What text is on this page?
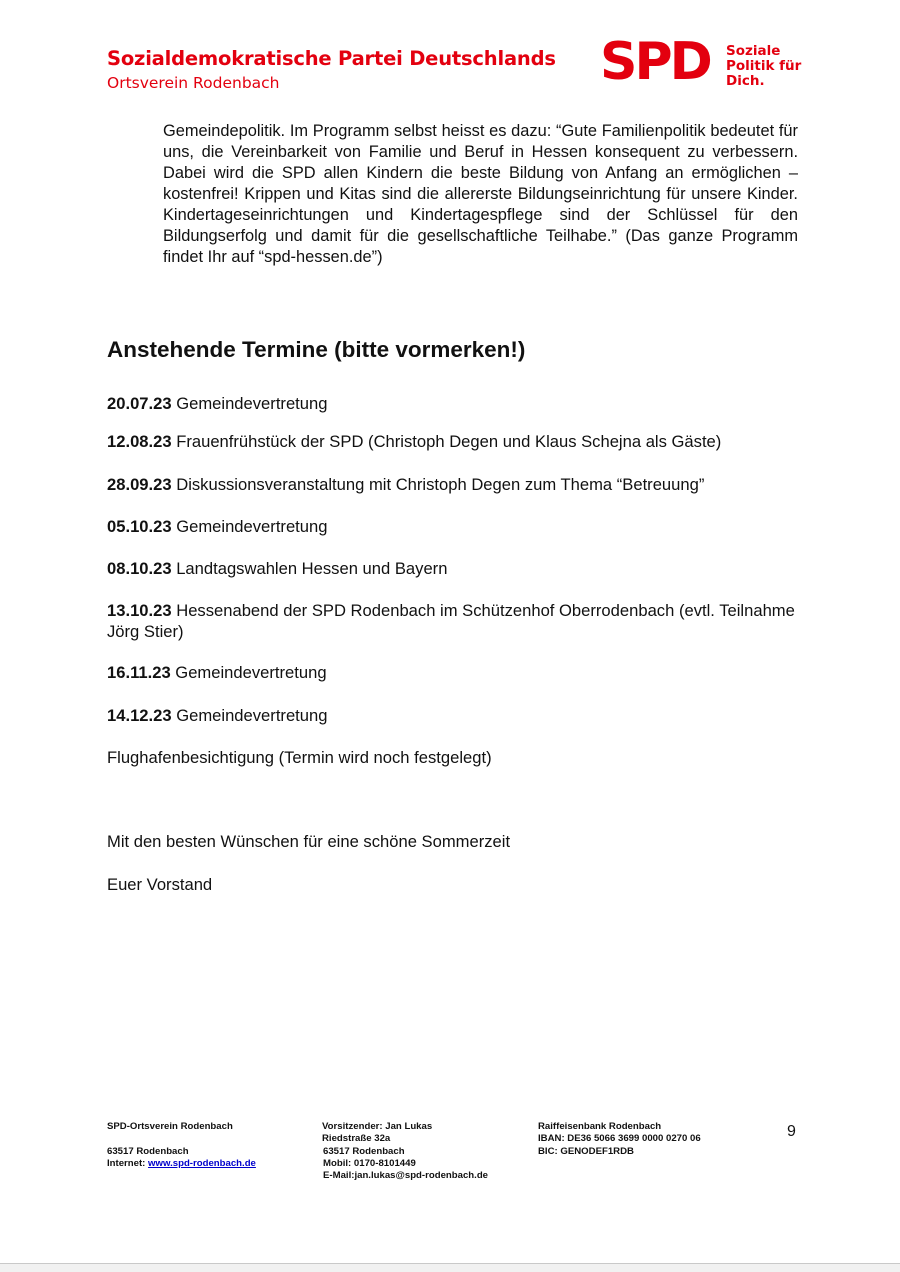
Sozialdemokratische Partei Deutschlands
Ortsverein Rodenbach	SPD Soziale
Politik für
Dich.

Gemeindepolitik. Im Programm selbst heisst es dazu: “Gute Familienpolitik bedeutet für uns, die Vereinbarkeit von Familie und Beruf in Hessen konsequent zu verbessern. Dabei wird die SPD allen Kindern die beste Bildung von Anfang an ermöglichen – kostenfrei! Krippen und Kitas sind die allererste Bildungseinrichtung für unsere Kinder. Kindertageseinrichtungen und Kindertagespflege sind der Schlüssel für den Bildungserfolg und damit für die gesellschaftliche Teilhabe.” (Das ganze Programm findet Ihr auf “spd-hessen.de”)

Anstehende Termine (bitte vormerken!)
20.07.23 Gemeindevertretung
12.08.23 Frauenfrühstück der SPD (Christoph Degen und Klaus Schejna als Gäste)
28.09.23 Diskussionsveranstaltung mit Christoph Degen zum Thema “Betreuung”
05.10.23 Gemeindevertretung
08.10.23 Landtagswahlen Hessen und Bayern
13.10.23 Hessenabend der SPD Rodenbach im Schützenhof Oberrodenbach (evtl. Teilnahme Jörg Stier)
16.11.23 Gemeindevertretung
14.12.23 Gemeindevertretung
Flughafenbesichtigung (Termin wird noch festgelegt)
Mit den besten Wünschen für eine schöne Sommerzeit
Euer Vorstand
SPD-Ortsverein Rodenbach
63517 Rodenbach
Internet: www.spd-rodenbach.de
Vorsitzender: Jan Lukas
Riedstraße 32a
63517 Rodenbach
Mobil: 0170-8101449
E-Mail:jan.lukas@spd-rodenbach.de
Raiffeisenbank Rodenbach
IBAN: DE36 5066 3699 0000 0270 06
BIC: GENODEF1RDB
9
